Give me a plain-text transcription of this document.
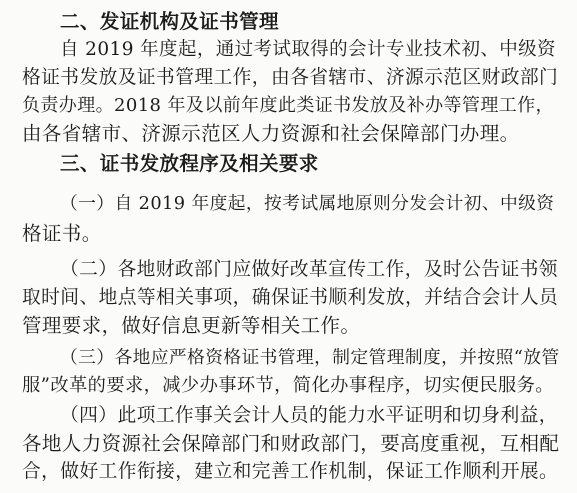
二、发证机构及证书管理
自 2019 年度起，通过考试取得的会计专业技术初、中级资
格证书发放及证书管理工作，由各省辖市、济源示范区财政部门
负责办理。2018 年及以前年度此类证书发放及补办等管理工作，
由各省辖市、济源示范区人力资源和社会保障部门办理。
三、证书发放程序及相关要求
（一）自 2019 年度起，按考试属地原则分发会计初、中级资
格证书。
（二）各地财政部门应做好改革宣传工作，及时公告证书领
取时间、地点等相关事项，确保证书顺利发放，并结合会计人员
管理要求，做好信息更新等相关工作。
（三）各地应严格资格证书管理，制定管理制度，并按照“放管
服”改革的要求，减少办事环节，简化办事程序，切实便民服务。
（四）此项工作事关会计人员的能力水平证明和切身利益，
各地人力资源社会保障部门和财政部门，要高度重视，互相配
合，做好工作衔接，建立和完善工作机制，保证工作顺利开展。
